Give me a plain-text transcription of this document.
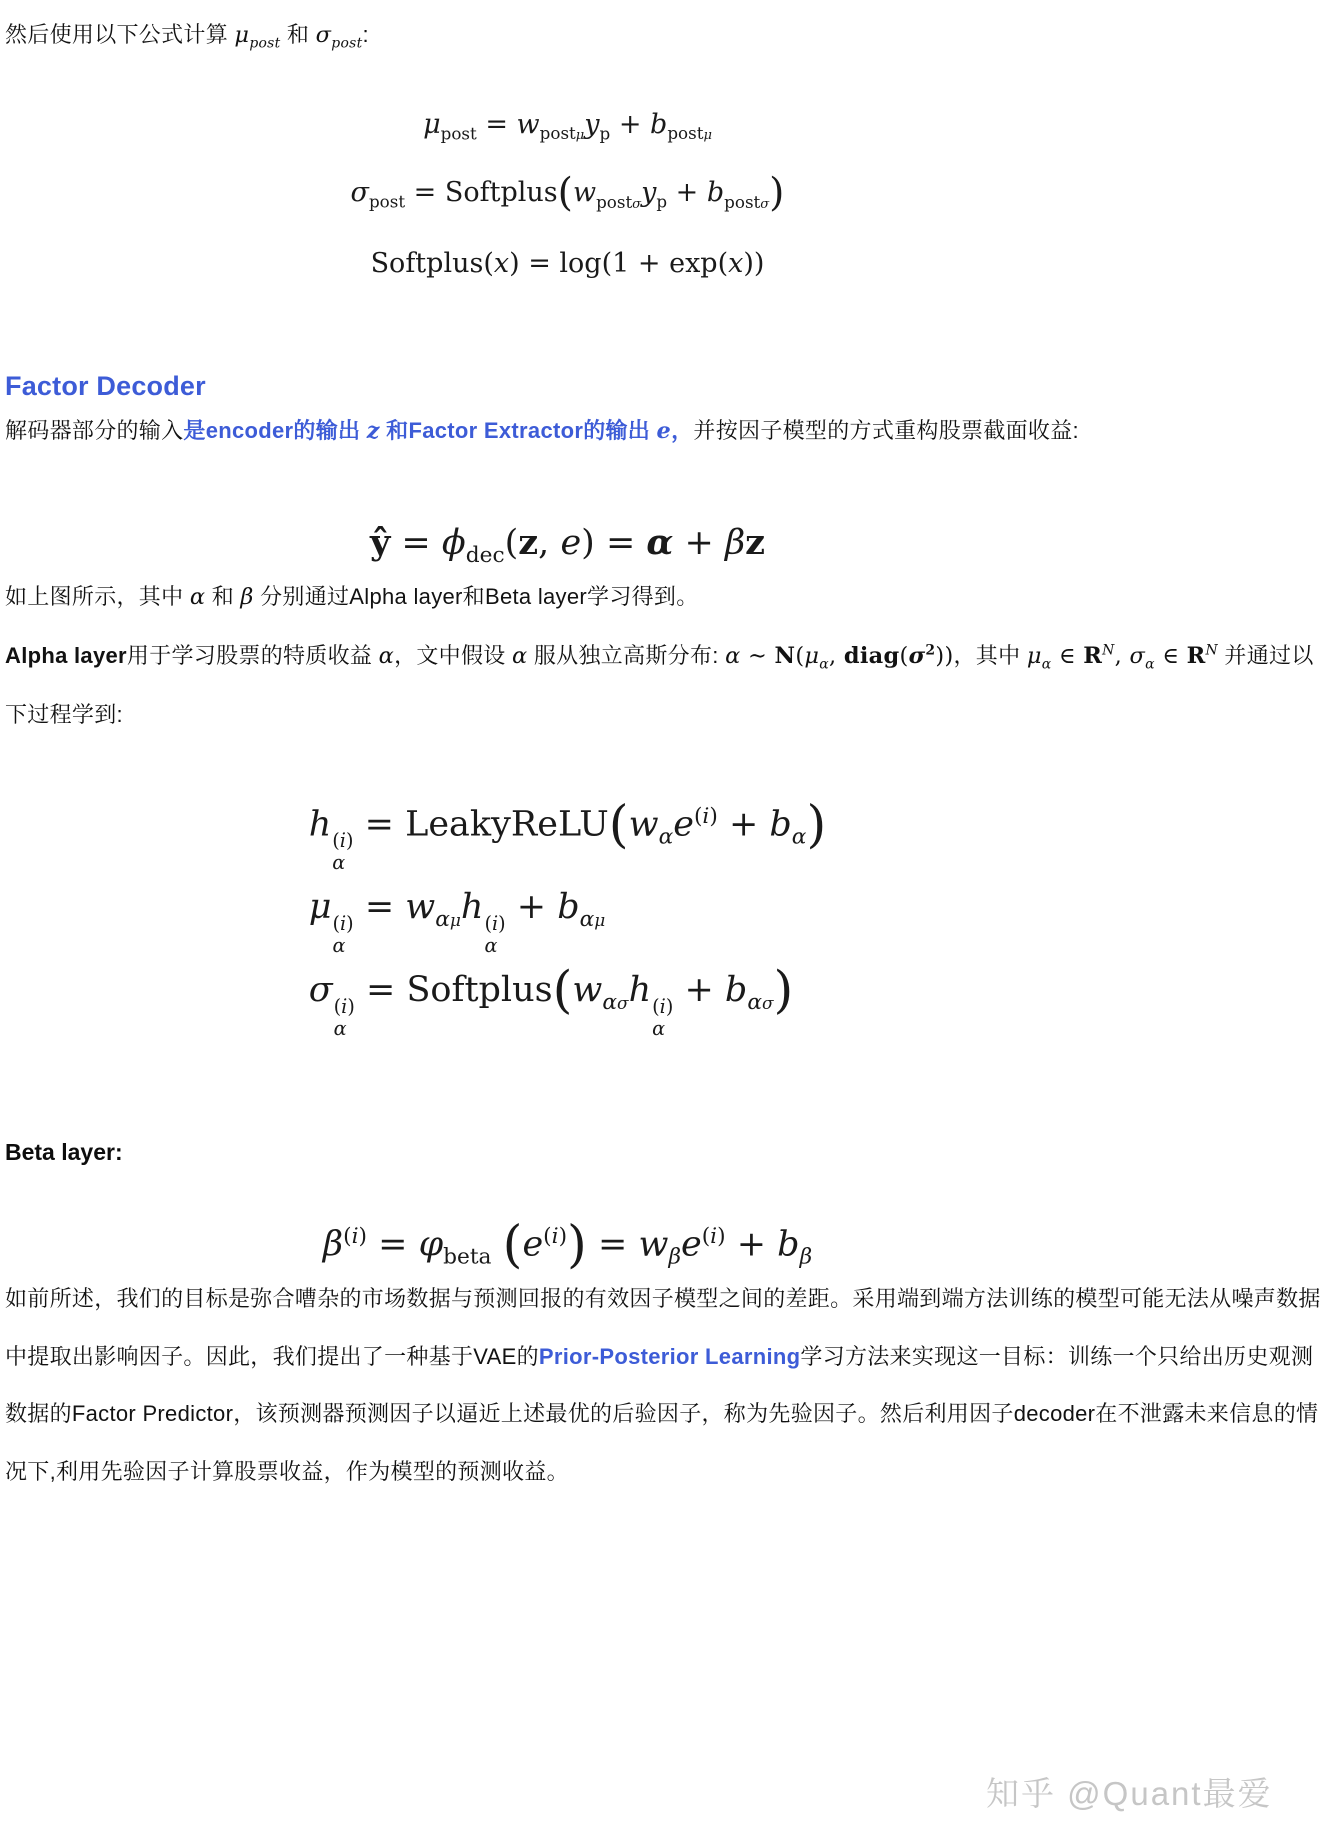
然后使用以下公式计算 $\mu_{post}$ 和 $\sigma_{post}$:

$\mu_{post} = w_{post\mu}y_p + b_{post\mu}$
$\sigma_{post}$ = $Softplus(w_{post\sigma}y_p + b_{post\sigma})$
Softplus(x) = log(1 + exp(x))
Factor Decoder

解码器部分的输入是encoder的输出 z 和Factor Extractor的输出 e，并按因子模型的方式重构股票截面收益:

ŷ = $\phi_{dec}(z$, e) = α + βz

如上图所示，其中 α 和 β 分别通过Alpha layer和Beta layer学习得到。

Alpha layer用于学习股票的特质收益 α，文中假设 α 服从独立高斯分布: α ∼ $N(\mu_\alpha$, $diag(\sigma^2)$)，其中 $\mu_\alpha$ ∈ $R^N$, $\sigma_\alpha$ ∈ $R^N$ 并通过以下过程学到:

h (i)
α
= $LeakyReLU(w_\alpha e^{(i)} + b_\alpha)$
μ (i)
α
= $w_{\alpha\mu}h$ (i)
α
+ $b_{\alpha\mu}$
σ (i)
α
= $Softplus(w_{\alpha\sigma}h$ (i)
α
+ $b_{\alpha\sigma}$)
Beta layer:
$\beta^{(i)} = \varphi_{beta}$ $(e^{(i)}) = w_\beta e^{(i)} + b_\beta$

如前所述，我们的目标是弥合嘈杂的市场数据与预测回报的有效因子模型之间的差距。采用端到端方法训练的模型可能无法从噪声数据中提取出影响因子。因此，我们提出了一种基于VAE的Prior-Posterior Learning学习方法来实现这一目标：训练一个只给出历史观测数据的Factor Predictor，该预测器预测因子以逼近上述最优的后验因子，称为先验因子。然后利用因子decoder在不泄露未来信息的情况下,利用先验因子计算股票收益，作为模型的预测收益。

知乎 @Quant最爱
